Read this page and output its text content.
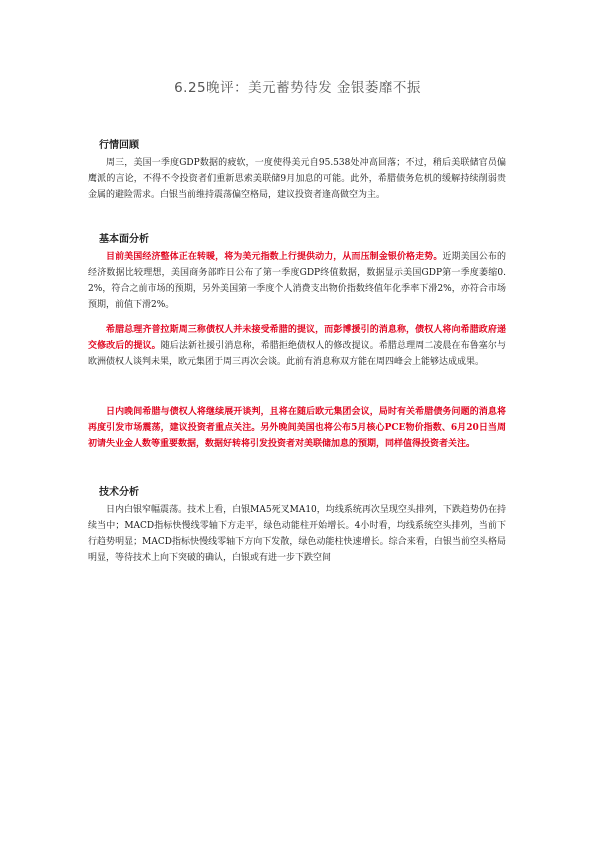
6.25晚评：美元蓄势待发 金银萎靡不振
行情回顾

周三，美国一季度GDP数据的疲软，一度使得美元自95.538处冲高回落；不过，稍后美联储官员偏鹰派的言论，不得不令投资者们重新思索美联储9月加息的可能。此外，希腊债务危机的缓解持续削弱贵金属的避险需求。白银当前维持震荡偏空格局，建议投资者逢高做空为主。

基本面分析

目前美国经济整体正在转暖，将为美元指数上行提供动力，从而压制金银价格走势。近期美国公布的经济数据比较理想，美国商务部昨日公布了第一季度GDP终值数据，数据显示美国GDP第一季度萎缩0.2%，符合之前市场的预期，另外美国第一季度个人消费支出物价指数终值年化季率下滑2%，亦符合市场预期，前值下滑2%。

希腊总理齐普拉斯周三称债权人并未接受希腊的提议，而彭博援引的消息称，债权人将向希腊政府递交修改后的提议。随后法新社援引消息称，希腊拒绝债权人的修改提议。希腊总理周二凌晨在布鲁塞尔与欧洲债权人谈判未果，欧元集团于周三再次会谈。此前有消息称双方能在周四峰会上能够达成成果。

日内晚间希腊与债权人将继续展开谈判，且将在随后欧元集团会议，局时有关希腊债务问题的消息将再度引发市场震荡，建议投资者重点关注。另外晚间美国也将公布5月核心PCE物价指数、6月20日当周初请失业金人数等重要数据，数据好转将引发投资者对美联储加息的预期，同样值得投资者关注。

技术分析

日内白银窄幅震荡。技术上看，白银MA5死叉MA10，均线系统再次呈现空头排列，下跌趋势仍在持续当中；MACD指标快慢线零轴下方走平，绿色动能柱开始增长。4小时看，均线系统空头排列，当前下行趋势明显；MACD指标快慢线零轴下方向下发散，绿色动能柱快速增长。综合来看，白银当前空头格局明显，等待技术上向下突破的确认，白银或有进一步下跌空间
